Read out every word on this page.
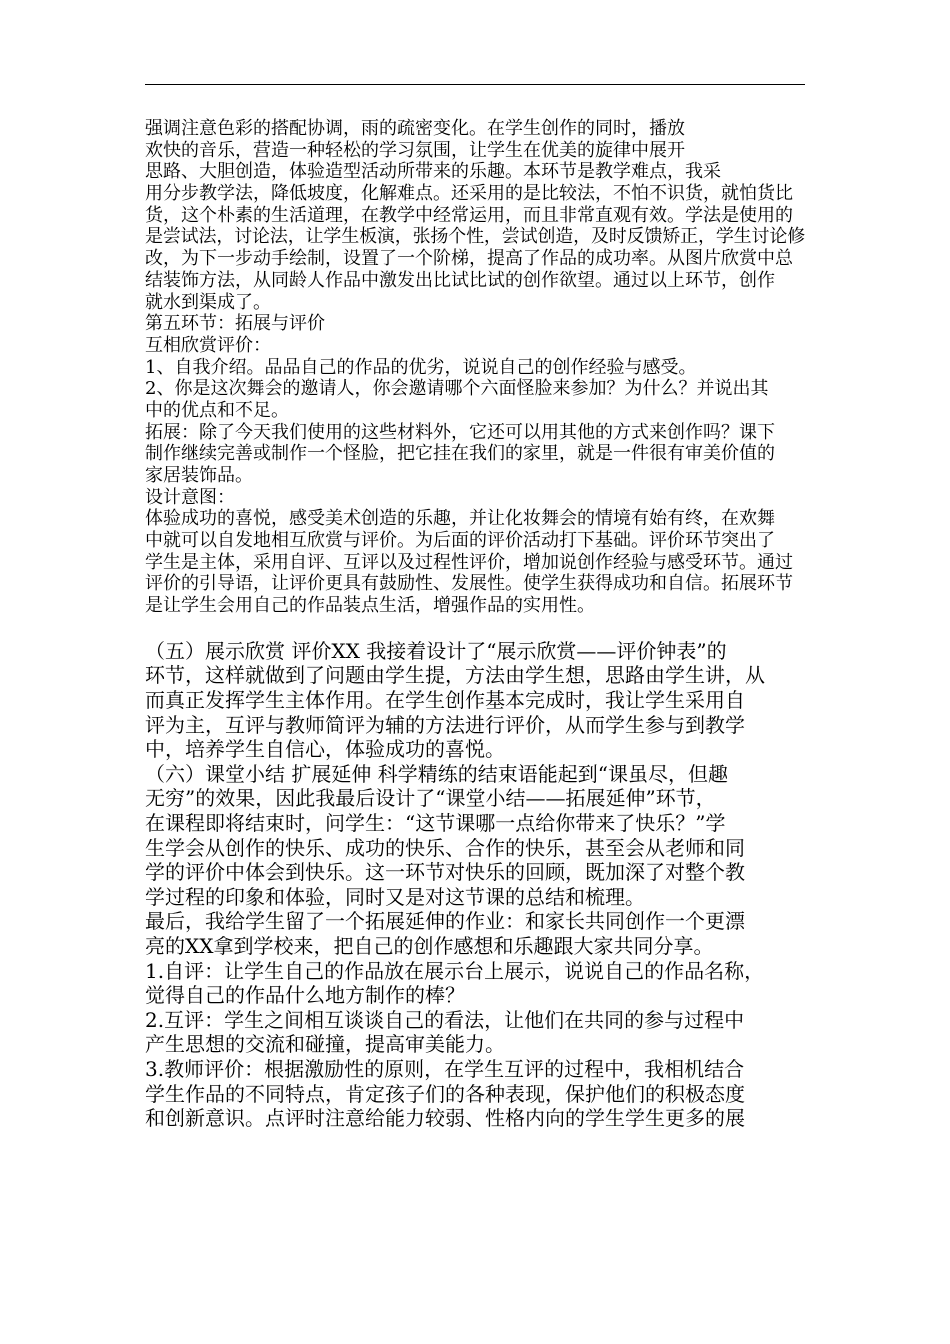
强调注意色彩的搭配协调，雨的疏密变化。在学生创作的同时，播放
欢快的音乐，营造一种轻松的学习氛围，让学生在优美的旋律中展开
思路、大胆创造，体验造型活动所带来的乐趣。本环节是教学难点，我采
用分步教学法，降低坡度，化解难点。还采用的是比较法，不怕不识货，就怕货比
货，这个朴素的生活道理，在教学中经常运用，而且非常直观有效。学法是使用的
是尝试法，讨论法，让学生板演，张扬个性，尝试创造，及时反馈矫正，学生讨论修
改，为下一步动手绘制，设置了一个阶梯，提高了作品的成功率。从图片欣赏中总
结装饰方法，从同龄人作品中激发出比试比试的创作欲望。通过以上环节，创作
就水到渠成了。
第五环节：拓展与评价
互相欣赏评价：
1、自我介绍。品品自己的作品的优劣，说说自己的创作经验与感受。
2、你是这次舞会的邀请人，你会邀请哪个六面怪脸来参加？为什么？并说出其
中的优点和不足。
拓展：除了今天我们使用的这些材料外，它还可以用其他的方式来创作吗？课下
制作继续完善或制作一个怪脸，把它挂在我们的家里，就是一件很有审美价值的
家居装饰品。
设计意图：
体验成功的喜悦，感受美术创造的乐趣，并让化妆舞会的情境有始有终，在欢舞
中就可以自发地相互欣赏与评价。为后面的评价活动打下基础。评价环节突出了
学生是主体，采用自评、互评以及过程性评价，增加说创作经验与感受环节。通过
评价的引导语，让评价更具有鼓励性、发展性。使学生获得成功和自信。拓展环节
是让学生会用自己的作品装点生活，增强作品的实用性。
（五）展示欣赏 评价XX 我接着设计了“展示欣赏——评价钟表”的
环节，这样就做到了问题由学生提，方法由学生想，思路由学生讲，从
而真正发挥学生主体作用。在学生创作基本完成时，我让学生采用自
评为主，互评与教师简评为辅的方法进行评价，从而学生参与到教学
中，培养学生自信心，体验成功的喜悦。
（六）课堂小结 扩展延伸 科学精练的结束语能起到“课虽尽，但趣
无穷”的效果，因此我最后设计了“课堂小结——拓展延伸”环节，
在课程即将结束时，问学生：“这节课哪一点给你带来了快乐？”学
生学会从创作的快乐、成功的快乐、合作的快乐，甚至会从老师和同
学的评价中体会到快乐。这一环节对快乐的回顾，既加深了对整个教
学过程的印象和体验，同时又是对这节课的总结和梳理。
最后，我给学生留了一个拓展延伸的作业：和家长共同创作一个更漂
亮的XX拿到学校来，把自己的创作感想和乐趣跟大家共同分享。
1.自评：让学生自己的作品放在展示台上展示，说说自己的作品名称，
觉得自己的作品什么地方制作的棒？
2.互评：学生之间相互谈谈自己的看法，让他们在共同的参与过程中
产生思想的交流和碰撞，提高审美能力。
3.教师评价：根据激励性的原则，在学生互评的过程中，我相机结合
学生作品的不同特点，肯定孩子们的各种表现，保护他们的积极态度
和创新意识。点评时注意给能力较弱、性格内向的学生学生更多的展
